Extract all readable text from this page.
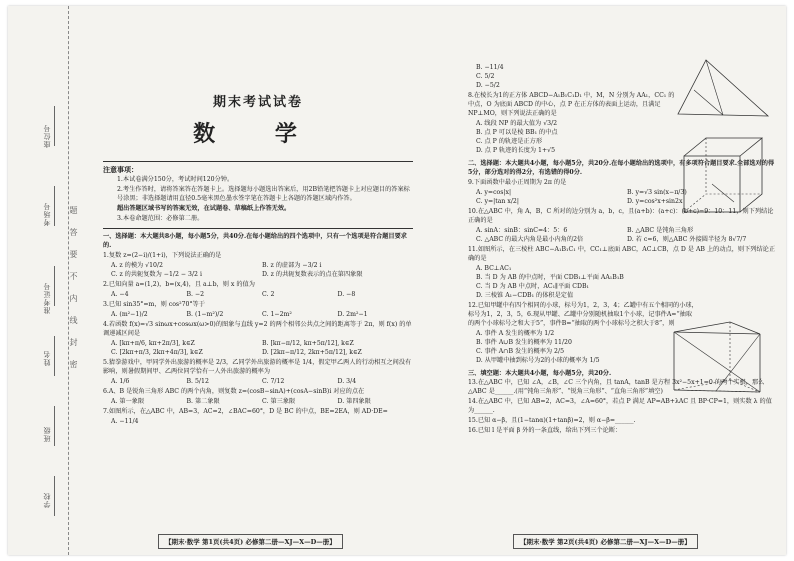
座位号
考场号
准考证号
姓名
班级
学校
题
答
要
不
内
线
封
密
期末考试试卷
数 学
注意事项：

1.本试卷满分150分，考试时间120分钟。

2.考生作答时，请将答案答在答题卡上。选择题每小题选出答案后，用2B铅笔把答题卡上对应题目的答案标号涂黑；非选择题请用直径0.5毫米黑色墨水签字笔在答题卡上各题的答题区域内作答。

超出答题区域书写的答案无效，在试题卷、草稿纸上作答无效。

3.本卷命题范围：必修第二册。

一、选择题：本大题共8小题，每小题5分，共40分.在每小题给出的四个选项中，只有一个选项是符合题目要求的.
1.复数 z=(2−i)/(1+i)，下列说法正确的是
A. z 的模为 √10/2	B. z 的虚部为 −3/2 i
C. z 的共轭复数为 −1/2 − 3/2 i	D. z 的共轭复数表示的点在第四象限
2.已知向量 a=(1,2)，b=(x,4)，且 a⊥b，则 x 的值为
A. −4	B. −2	C. 2	D. −8
3.已知 sin35°=m，则 cos²70°等于
A. (m²−1)/2	B. (1−m²)/2	C. 1−2m²	D. 2m²−1
4.若函数 f(x)=√3 sinωx+cosωx(ω>0)的图象与直线 y=2 的两个相邻公共点之间的距离等于 2π，则 f(x) 的单调递减区间是
A. [kπ+π/6, kπ+2π/3], k∈Z	B. [kπ−π/12, kπ+5π/12], k∈Z
C. [2kπ+π/3, 2kπ+4π/3], k∈Z	D. [2kπ−π/12, 2kπ+5π/12], k∈Z
5.猜拳游戏中，甲同学外出旅游的概率是 2/3，乙同学外出旅游的概率是 1/4，假定甲乙两人的行动相互之间没有影响，则暑假期间甲、乙两位同学恰有一人外出旅游的概率为
A. 1/6	B. 5/12	C. 7/12	D. 3/4
6.A、B 是锐角三角形 ABC 的两个内角，则复数 z=(cosB−sinA)+(cosA−sinB)i 对应的点在
A. 第一象限	B. 第二象限	C. 第三象限	D. 第四象限
7.如图所示，在△ABC 中，AB=3，AC=2，∠BAC=60°，D 是 BC 的中点，BE=2EA，则 AD·DE=
A. −11/4
【期末·数学 第1页(共4页) 必修第二册—XJ—X—D—册】
B. −11/4
C. 5/2
D. −5/2
8.在棱长为1的正方体 ABCD−A₁B₁C₁D₁ 中，M，N 分别为 AA₁，CC₁ 的中点，O 为底面 ABCD 的中心，点 P 在正方体的表面上运动，且满足 NP⊥MO，则下列说法正确的是
A. 线段 NP 的最大值为 √3/2
B. 点 P 可以是棱 BB₁ 的中点
C. 点 P 的轨迹是正方形
D. 点 P 轨迹的长度为 1+√5
二、选择题：本大题共4小题，每小题5分，共20分.在每小题给出的选项中，有多项符合题目要求.全部选对的得5分，部分选对的得2分，有选错的得0分.
9.下面函数中最小正周期为 2π 的是
A. y=cos|x|	B. y=√3 sin(x−π/3)
C. y=|tan x/2|	D. y=cos²x+sin2x
10.在△ABC 中，角 A，B，C 所对的边分别为 a，b，c，且(a+b)：(a+c)：(b+c)=9：10：11，则下列结论正确的是
A. sinA：sinB：sinC=4：5：6	B. △ABC 是钝角三角形
C. △ABC 的最大内角是最小内角的2倍	D. 若 c=6，则△ABC 外接圆半径为 8√7/7
11.如图所示，在三棱柱 ABC−A₁B₁C₁ 中，CC₁⊥底面 ABC，AC⊥CB，点 D 是 AB 上的动点，则下列结论正确的是
A. BC⊥AC₁
B. 当 D 为 AB 的中点时，平面 CDB₁⊥平面 AA₁B₁B
C. 当 D 为 AB 中点时，AC₁∥平面 CDB₁
D. 三棱锥 A₁−CDB₁ 的体积是定值
12.已知甲罐中有四个相同的小球，标号为1，2，3，4；乙罐中有五个相同的小球，标号为1，2，3，5，6.现从甲罐、乙罐中分别随机抽取1个小球，记事件A=“抽取的两个小球标号之和大于5”，事件B=“抽取的两个小球标号之积大于8”，则
A. 事件 A 发生的概率为 1/2
B. 事件 A∪B 发生的概率为 11/20
C. 事件 A∩B 发生的概率为 2/5
D. 从甲罐中抽到标号为2的小球的概率为 1/5
三、填空题：本大题共4小题，每小题5分，共20分.
13.在△ABC 中，已知 ∠A，∠B，∠C 三个内角，且 tanA，tanB 是方程 3x²−5x+1=0 的两个实根，那么△ABC 是______.(用“钝角三角形”、“锐角三角形”、“直角三角形”填空)
14.在△ABC 中，已知 AB=2，AC=3，∠A=60°，若点 P 满足 AP=AB+λAC 且 BP·CP=1，则实数 λ 的值为______.
15.已知 α−β，且(1−tanα)(1+tanβ)=2，则 α−β=______.
16.已知 l 是平面 β 外的一条直线，给出下列三个论断：
【期末·数学 第2页(共4页) 必修第二册—XJ—X—D—册】
